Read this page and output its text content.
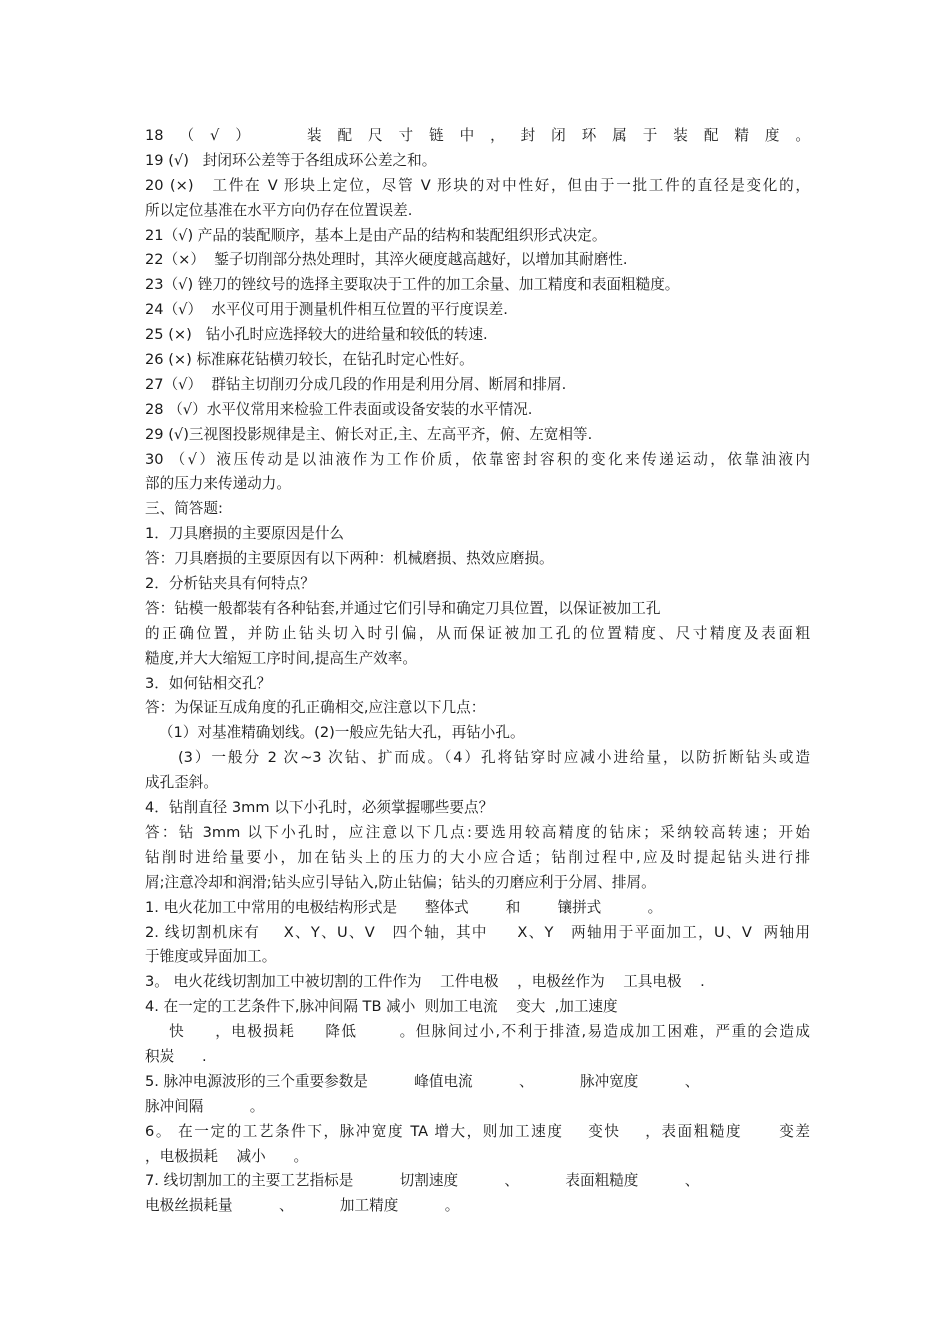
18（√）  装配尺寸链中，封闭环属于装配精度。
19 (√)   封闭环公差等于各组成环公差之和。
20 (×)   工件在 V 形块上定位，尽管 V 形块的对中性好，但由于一批工件的直径是变化的，
所以定位基准在水平方向仍存在位置误差.
21（√) 产品的装配顺序，基本上是由产品的结构和装配组织形式决定。
22（×）  錾子切削部分热处理时，其淬火硬度越高越好，以增加其耐磨性.
23（√) 锉刀的锉纹号的选择主要取决于工件的加工余量、加工精度和表面粗糙度。
24（√）  水平仪可用于测量机件相互位置的平行度误差.
25 (×)   钻小孔时应选择较大的进给量和较低的转速.
26 (×) 标准麻花钻横刃较长，在钻孔时定心性好。
27（√）  群钻主切削刃分成几段的作用是利用分屑、断屑和排屑.
28 （√）水平仪常用来检验工件表面或设备安装的水平情况.
29 (√)三视图投影规律是主、俯长对正,主、左高平齐，俯、左宽相等.
30 （√）液压传动是以油液作为工作价质，依靠密封容积的变化来传递运动，依靠油液内
部的压力来传递动力。
三、简答题:
1．刀具磨损的主要原因是什么
答：刀具磨损的主要原因有以下两种：机械磨损、热效应磨损。
2．分析钻夹具有何特点？
答：钻模一般都装有各种钻套,并通过它们引导和确定刀具位置，以保证被加工孔
的正确位置，并防止钻头切入时引偏，从而保证被加工孔的位置精度、尺寸精度及表面粗
糙度,并大大缩短工序时间,提高生产效率。
3．如何钻相交孔？
答：为保证互成角度的孔正确相交,应注意以下几点：
（1）对基准精确划线。(2)一般应先钻大孔，再钻小孔。
(3）一般分 2 次~3 次钻、扩而成。（4）孔将钻穿时应减小进给量，以防折断钻头或造
成孔歪斜。
4．钻削直径 3mm 以下小孔时，必须掌握哪些要点？
答：钻 3mm 以下小孔时，应注意以下几点:要选用较高精度的钻床；采纳较高转速；开始
钻削时进给量要小，加在钻头上的压力的大小应合适；钻削过程中,应及时提起钻头进行排
屑;注意冷却和润滑;钻头应引导钻入,防止钻偏；钻头的刃磨应利于分屑、排屑。
1. 电火花加工中常用的电极结构形式是      整体式        和        镶拼式          。
2. 线切割机床有    X、Y、U、V   四个轴，其中     X、Y   两轴用于平面加工，U、V  两轴用
于锥度或异面加工。
3。 电火花线切割加工中被切割的工件作为    工件电极    ，电极丝作为    工具电极    .
4. 在一定的工艺条件下,脉冲间隔 TB 减小  则加工电流    变大  ,加工速度
快     ，电极损耗     降低       。但脉间过小,不利于排渣,易造成加工困难，严重的会造成
积炭      .
5. 脉冲电源波形的三个重要参数是          峰值电流          、          脉冲宽度          、
脉冲间隔          。
6。 在一定的工艺条件下，脉冲宽度 TA 增大，则加工速度    变快    ，表面粗糙度      变差
，电极损耗    减小      。
7. 线切割加工的主要工艺指标是          切割速度          、          表面粗糙度          、
电极丝损耗量          、          加工精度          。
